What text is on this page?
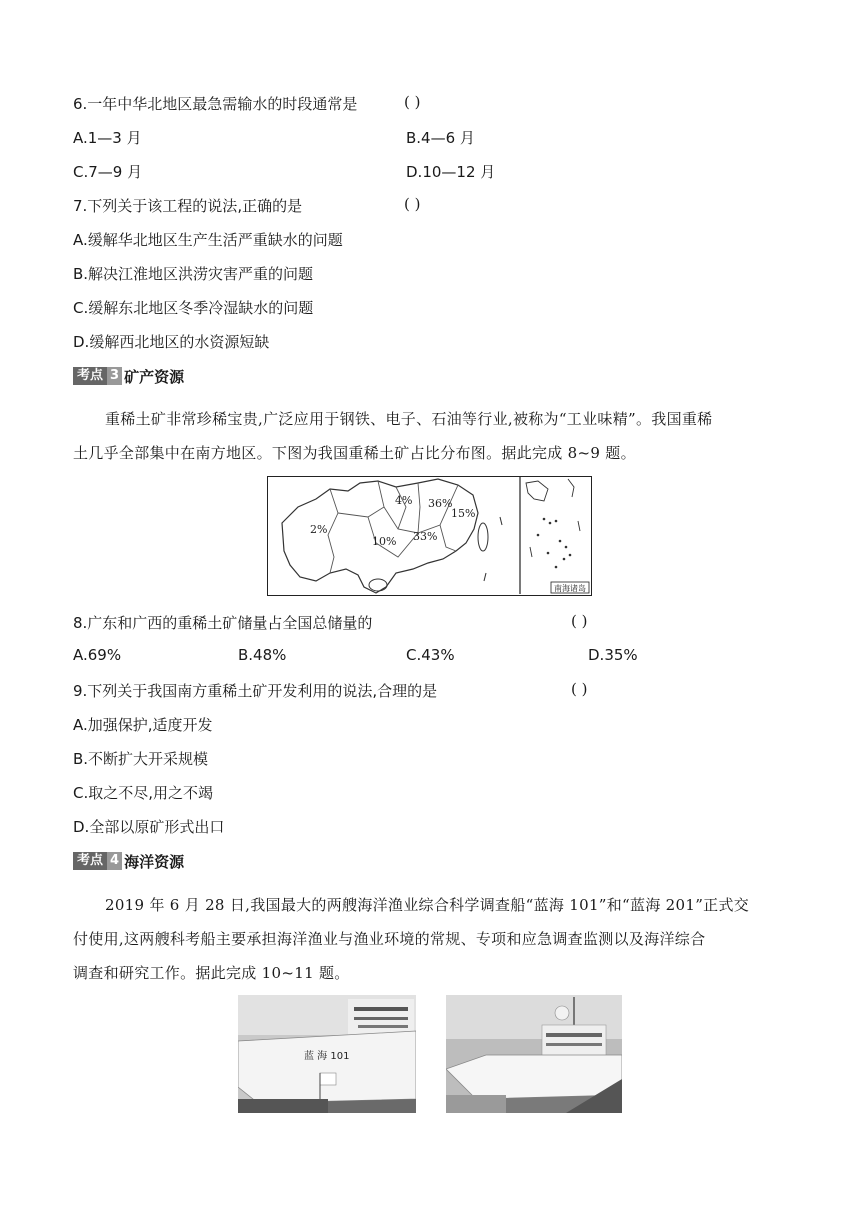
6.一年中华北地区最急需输水的时段通常是	( )
A.1—3 月	B.4—6 月
C.7—9 月	D.10—12 月
7.下列关于该工程的说法,正确的是	( )
A.缓解华北地区生产生活严重缺水的问题
B.解决江淮地区洪涝灾害严重的问题
C.缓解东北地区冬季冷湿缺水的问题
D.缓解西北地区的水资源短缺
考点 3 矿产资源
重稀土矿非常珍稀宝贵,广泛应用于钢铁、电子、石油等行业,被称为“工业味精”。我国重稀
土几乎全部集中在南方地区。下图为我国重稀土矿占比分布图。据此完成 8~9 题。
南海诸岛
4% 36%
15%
2%
10% 33%
8.广东和广西的重稀土矿储量占全国总储量的	( )
A.69%	B.48%	C.43%	D.35%
9.下列关于我国南方重稀土矿开发利用的说法,合理的是	( )
A.加强保护,适度开发
B.不断扩大开采规模
C.取之不尽,用之不竭
D.全部以原矿形式出口
考点 4 海洋资源
2019 年 6 月 28 日,我国最大的两艘海洋渔业综合科学调查船“蓝海 101”和“蓝海 201”正式交
付使用,这两艘科考船主要承担海洋渔业与渔业环境的常规、专项和应急调查监测以及海洋综合
调查和研究工作。据此完成 10~11 题。
蓝 海 101
